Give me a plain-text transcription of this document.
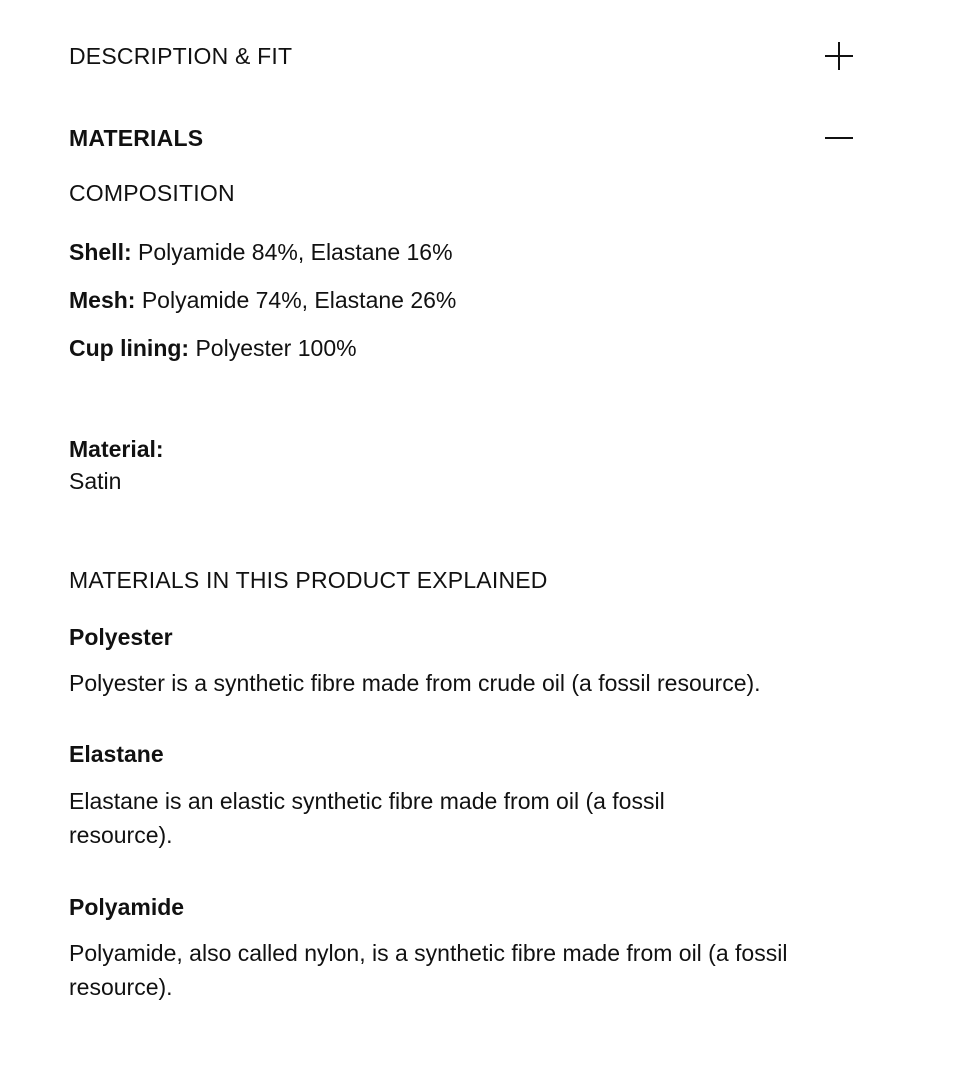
DESCRIPTION & FIT
MATERIALS
COMPOSITION
Shell: Polyamide 84%, Elastane 16%
Mesh: Polyamide 74%, Elastane 26%
Cup lining: Polyester 100%
Material:
Satin
MATERIALS IN THIS PRODUCT EXPLAINED
Polyester
Polyester is a synthetic fibre made from crude oil (a fossil resource).
Elastane
Elastane is an elastic synthetic fibre made from oil (a fossil resource).
Polyamide
Polyamide, also called nylon, is a synthetic fibre made from oil (a fossil resource).
